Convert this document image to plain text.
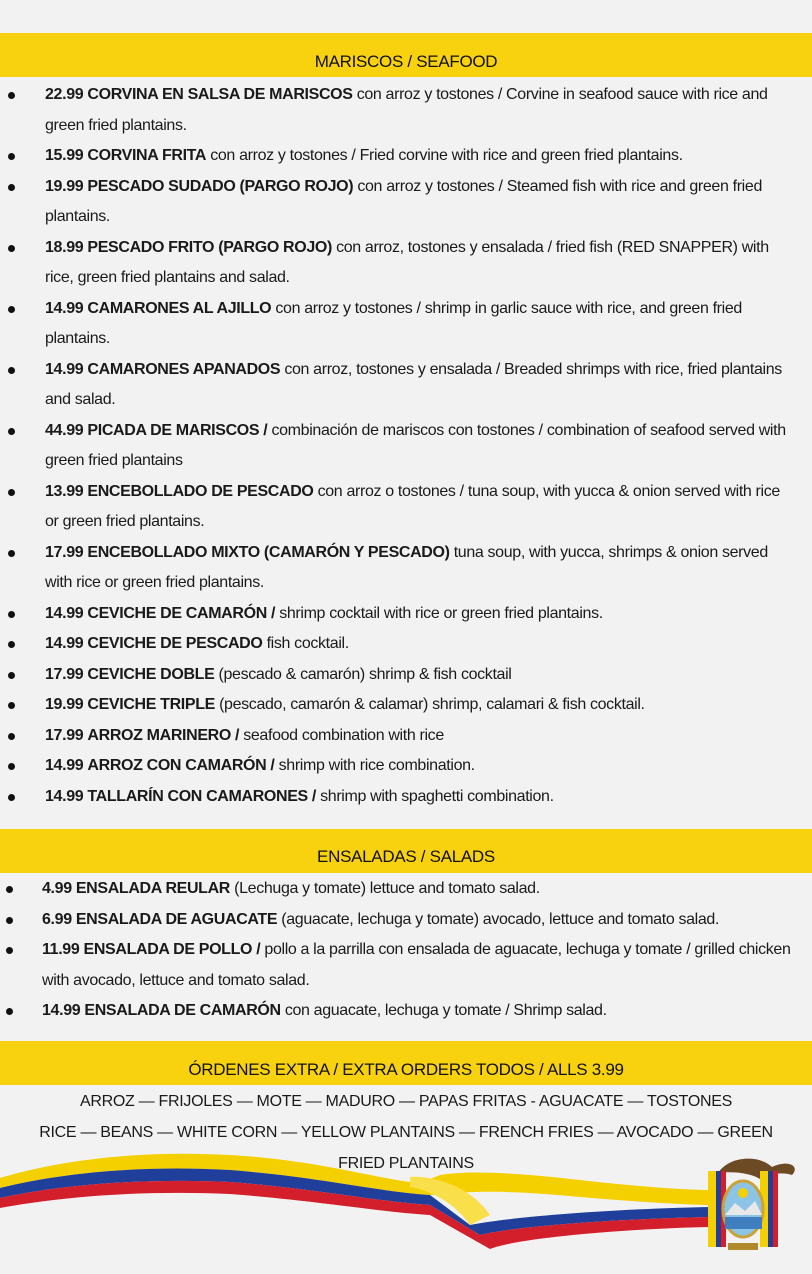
MARISCOS / SEAFOOD
22.99 CORVINA EN SALSA DE MARISCOS con arroz y tostones / Corvine in seafood sauce with rice and green fried plantains.
15.99 CORVINA FRITA con arroz y tostones / Fried corvine with rice and green fried plantains.
19.99 PESCADO SUDADO (PARGO ROJO) con arroz y tostones / Steamed fish with rice and green fried plantains.
18.99 PESCADO FRITO (PARGO ROJO) con arroz, tostones y ensalada / fried fish (RED SNAPPER) with rice, green fried plantains and salad.
14.99 CAMARONES AL AJILLO con arroz y tostones / shrimp in garlic sauce with rice, and green fried plantains.
14.99 CAMARONES APANADOS con arroz, tostones y ensalada / Breaded shrimps with rice, fried plantains and salad.
44.99 PICADA DE MARISCOS / combinación de mariscos con tostones / combination of seafood served with green fried plantains
13.99 ENCEBOLLADO DE PESCADO con arroz o tostones / tuna soup, with yucca & onion served with rice or green fried plantains.
17.99 ENCEBOLLADO MIXTO (CAMARÓN Y PESCADO) tuna soup, with yucca, shrimps & onion served with rice or green fried plantains.
14.99 CEVICHE DE CAMARÓN / shrimp cocktail with rice or green fried plantains.
14.99 CEVICHE DE PESCADO fish cocktail.
17.99 CEVICHE DOBLE (pescado & camarón) shrimp & fish cocktail
19.99 CEVICHE TRIPLE (pescado, camarón & calamar) shrimp, calamari & fish cocktail.
17.99 ARROZ MARINERO / seafood combination with rice
14.99 ARROZ CON CAMARÓN / shrimp with rice combination.
14.99 TALLARÍN CON CAMARONES / shrimp with spaghetti combination.
ENSALADAS / SALADS
4.99 ENSALADA REULAR (Lechuga y tomate) lettuce and tomato salad.
6.99 ENSALADA DE AGUACATE (aguacate, lechuga y tomate) avocado, lettuce and tomato salad.
11.99 ENSALADA DE POLLO / pollo a la parrilla con ensalada de aguacate, lechuga y tomate / grilled chicken with avocado, lettuce and tomato salad.
14.99 ENSALADA DE CAMARÓN con aguacate, lechuga y tomate / Shrimp salad.
ÓRDENES EXTRA / EXTRA ORDERS TODOS / ALLS 3.99
ARROZ — FRIJOLES — MOTE — MADURO — PAPAS FRITAS - AGUACATE — TOSTONES
RICE — BEANS — WHITE CORN — YELLOW PLANTAINS — FRENCH FRIES — AVOCADO — GREEN
FRIED PLANTAINS
